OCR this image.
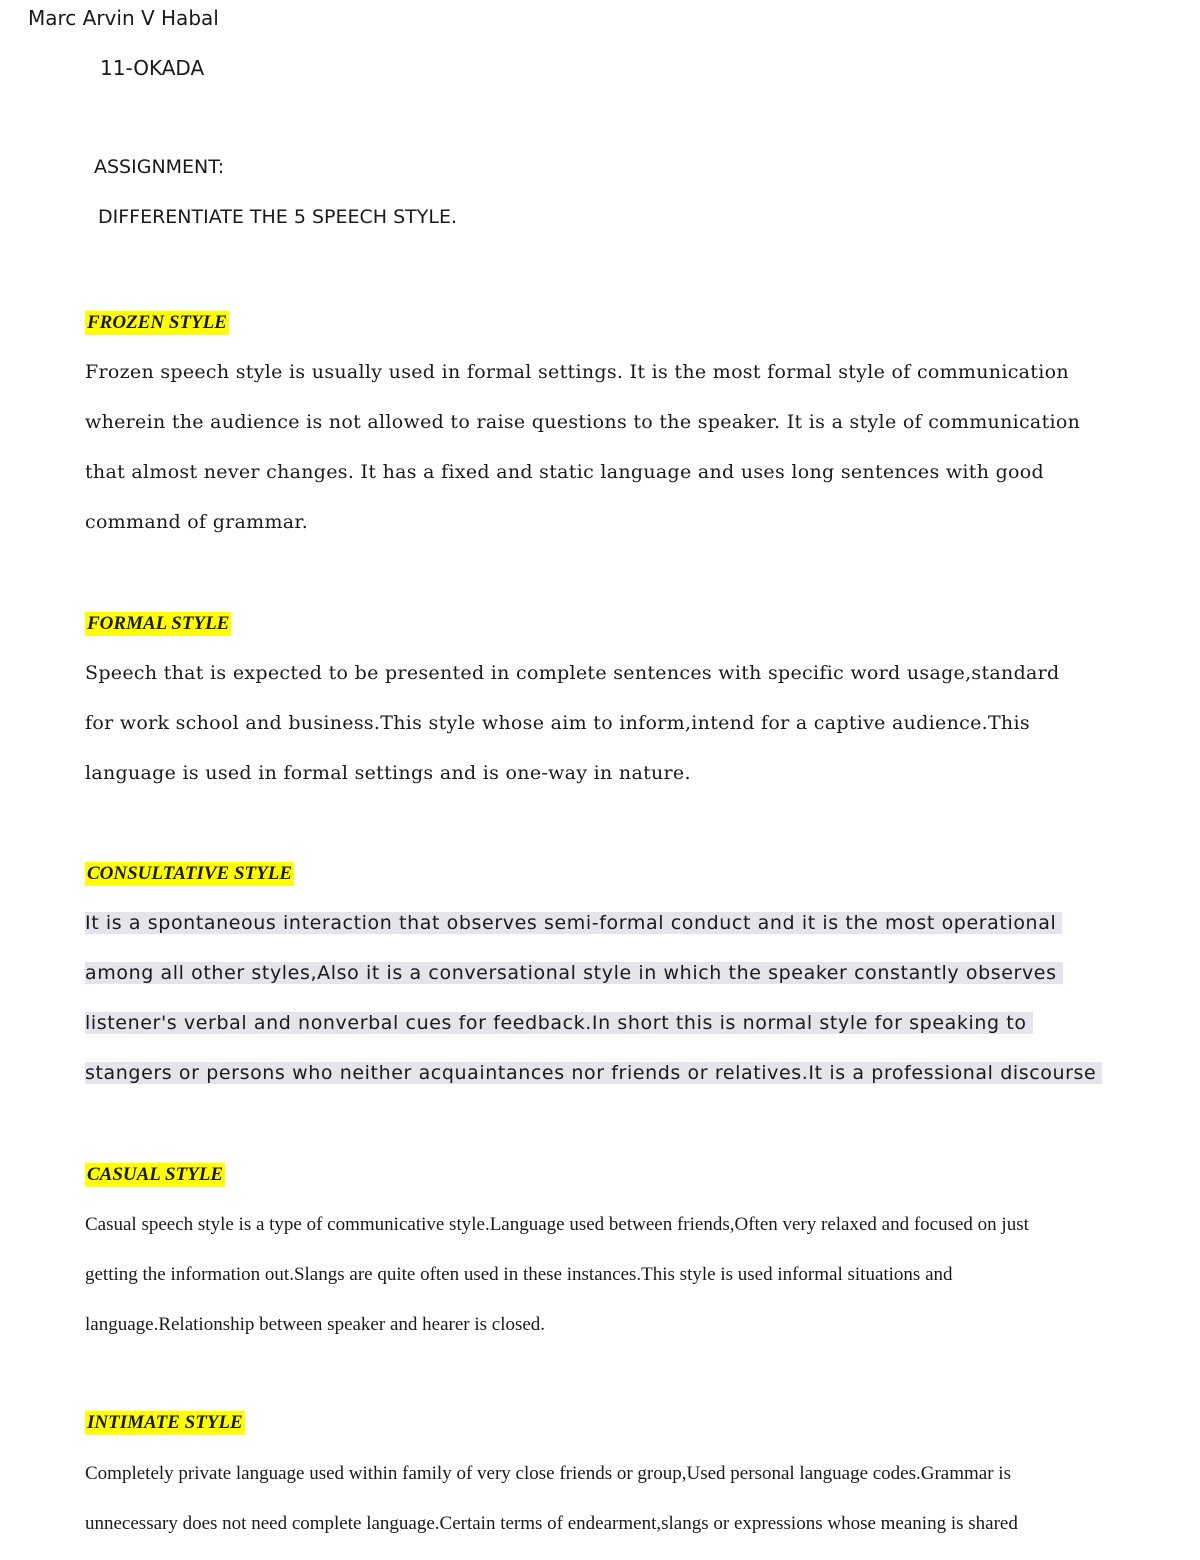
Marc Arvin V Habal
11-OKADA
ASSIGNMENT:
DIFFERENTIATE THE 5 SPEECH STYLE.
FROZEN STYLE
Frozen speech style is usually used in formal settings. It is the most formal style of communication
wherein the audience is not allowed to raise questions to the speaker. It is a style of communication
that almost never changes. It has a fixed and static language and uses long sentences with good
command of grammar.
FORMAL STYLE
Speech that is expected to be presented in complete sentences with specific word usage,standard
for work school and business.This style whose aim to inform,intend for a captive audience.This
language is used in formal settings and is one-way in nature.
CONSULTATIVE STYLE
It is a spontaneous interaction that observes semi-formal conduct and it is the most operational
among all other styles,Also it is a conversational style in which the speaker constantly observes
listener's verbal and nonverbal cues for feedback.In short this is normal style for speaking to
stangers or persons who neither acquaintances nor friends or relatives.It is a professional discourse
CASUAL STYLE
Casual speech style is a type of communicative style.Language used between friends,Often very relaxed and focused on just
getting the information out.Slangs are quite often used in these instances.This style is used informal situations and
language.Relationship between speaker and hearer is closed.
INTIMATE STYLE
Completely private language used within family of very close friends or group,Used personal language codes.Grammar is
unnecessary does not need complete language.Certain terms of endearment,slangs or expressions whose meaning is shared
